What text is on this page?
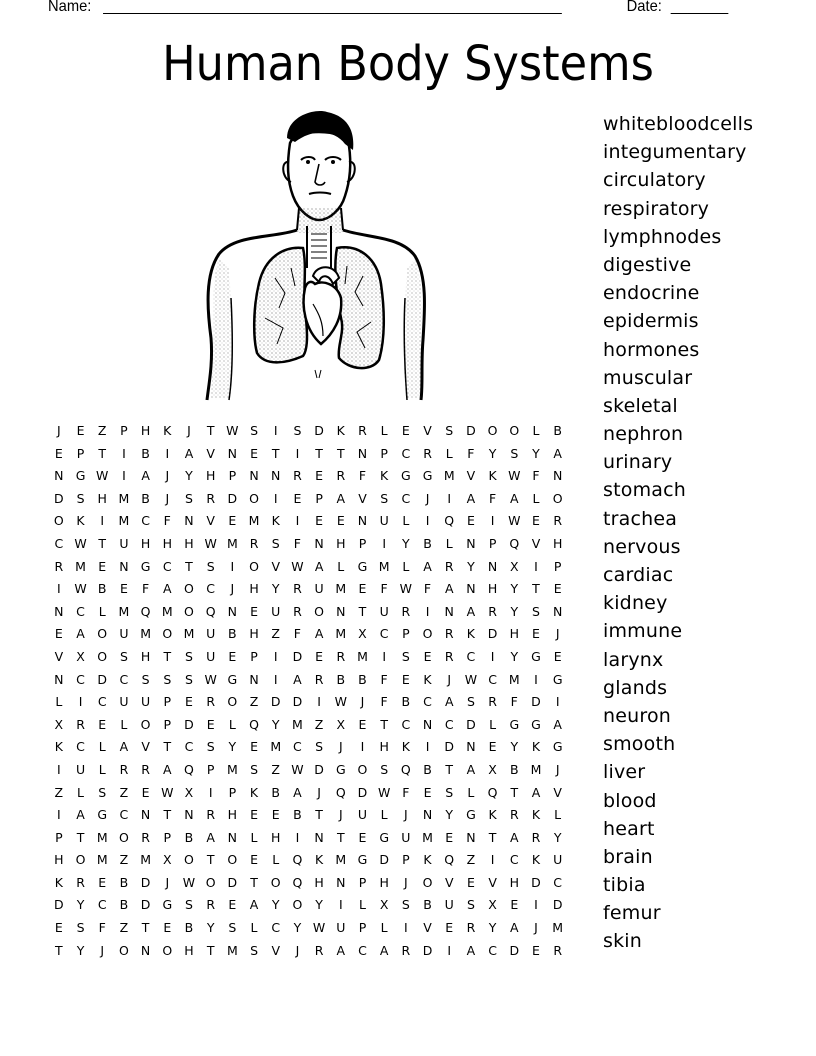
Name: ________________________________________________________	Date: _______
Human Body Systems
J	E	Z	P	H	K	J	T W S	I	S	D	K	R	L	E	V	S	D O O	L	B
E	P	T	I	B	I	A	V	N	E	T	I	T	T	N	P	C	R	L	F	Y	S	Y	A
N G W	I	A	J	Y	H	P	N N	R	E	R	F	K	G G M V	K W F	N
D	S	H M B	J	S	R	D O	I	E	P	A	V	S	C	J	I	A	F	A	L	O
O	K	I	M C	F	N	V	E M K	I	E	E	N U	L	I	Q	E	I	W E	R
C W T	U H H H W M R	S	F	N H	P	I	Y	B	L	N	P	Q V	H
R M E	N G C	T	S	I	O V W A	L	G M	L	A	R	Y	N	X	I	P
I	W B	E	F	A O C	J	H	Y	R	U M E	F W F	A	N H	Y	T	E
N	C	L	M Q M O Q N	E	U	R O N	T	U	R	I	N	A	R	Y	S	N
E	A O U M O M U	B	H	Z	F	A M X	C	P	O R	K	D H	E	J
V	X O	S	H	T	S	U	E	P	I	D	E	R M	I	S	E	R	C	I	Y	G	E
N	C	D	C	S	S	S W G N	I	A	R	B	B	F	E	K	J	W C M	I	G
L	I	C	U	U	P	E	R O Z	D D	I	W	J	F	B	C	A	S	R	F	D	I
X	R	E	L	O	P	D	E	L	Q	Y M Z	X	E	T	C	N	C	D	L	G G	A
K	C	L	A	V	T	C	S	Y	E M C	S	J	I	H	K	I	D N	E	Y	K	G
I	U	L	R	R	A Q	P	M S	Z W D G O	S	Q B	T	A	X	B M	J
Z	L	S	Z	E W X	I	P	K	B	A	J	Q D W F	E	S	L	Q	T	A	V
I	A	G C	N	T	N	R	H	E	E	B	T	J	U	L	J	N	Y	G	K	R	K	L
P	T M O R	P	B	A	N	L	H	I	N	T	E	G U M E	N	T	A	R	Y
H O M Z M X O	T	O	E	L	Q	K M G D	P	K	Q Z	I	C	K	U
K	R	E	B	D	J	W O D	T	O Q H N	P	H	J	O V	E	V	H D	C
D	Y	C	B	D G	S	R	E	A	Y	O	Y	I	L	X	S	B	U	S	X	E	I	D
E	S	F	Z	T	E	B	Y	S	L	C	Y W U	P	L	I	V	E	R	Y	A	J	M
T	Y	J	O N O H	T M S	V	J	R	A	C	A	R	D	I	A	C	D	E	R
whitebloodcells
integumentary
circulatory
respiratory
lymphnodes
digestive
endocrine
epidermis
hormones
muscular
skeletal
nephron
urinary
stomach
trachea
nervous
cardiac
kidney
immune
larynx
glands
neuron
smooth
liver
blood
heart
brain
tibia
femur
skin
